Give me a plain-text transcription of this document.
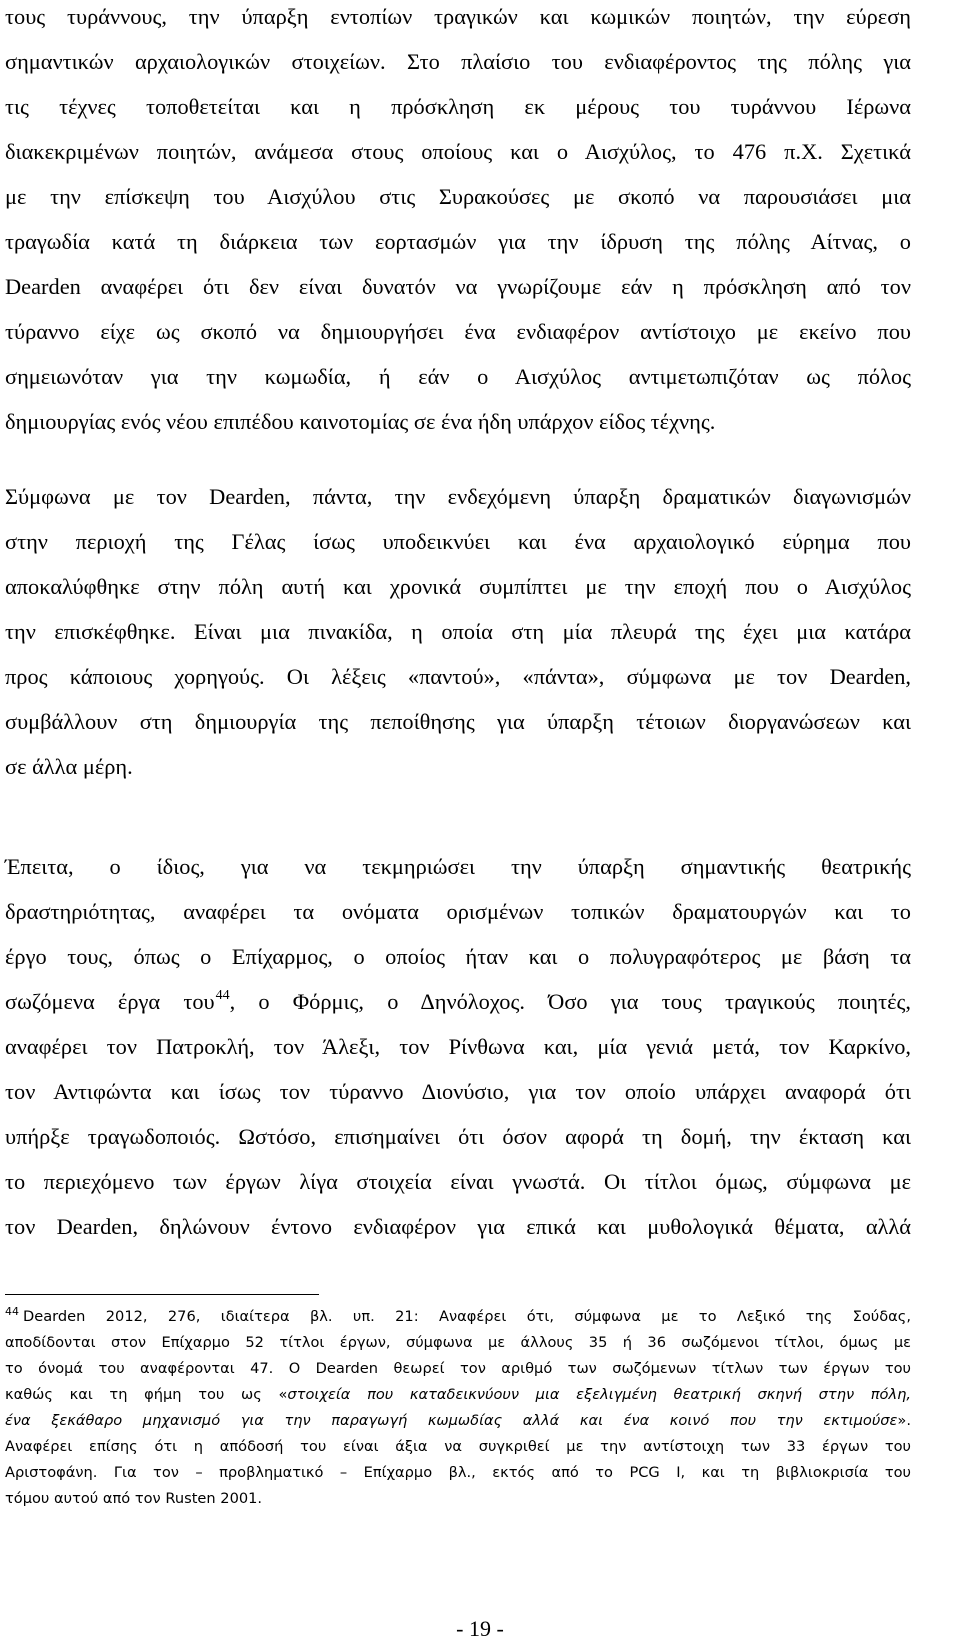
τους τυράννους, την ύπαρξη εντοπίων τραγικών και κωμικών ποιητών, την εύρεση
σημαντικών αρχαιολογικών στοιχείων. Στο πλαίσιο του ενδιαφέροντος της πόλης για
τις τέχνες τοποθετείται και η πρόσκληση εκ μέρους του τυράννου Ιέρωνα
διακεκριμένων ποιητών, ανάμεσα στους οποίους και ο Αισχύλος, το 476 π.Χ. Σχετικά
με την επίσκεψη του Αισχύλου στις Συρακούσες με σκοπό να παρουσιάσει μια
τραγωδία κατά τη διάρκεια των εορτασμών για την ίδρυση της πόλης Αίτνας, ο
Dearden αναφέρει ότι δεν είναι δυνατόν να γνωρίζουμε εάν η πρόσκληση από τον
τύραννο είχε ως σκοπό να δημιουργήσει ένα ενδιαφέρον αντίστοιχο με εκείνο που
σημειωνόταν για την κωμωδία, ή εάν ο Αισχύλος αντιμετωπιζόταν ως πόλος
δημιουργίας ενός νέου επιπέδου καινοτομίας σε ένα ήδη υπάρχον είδος τέχνης.
Σύμφωνα με τον Dearden, πάντα, την ενδεχόμενη ύπαρξη δραματικών διαγωνισμών
στην περιοχή της Γέλας ίσως υποδεικνύει και ένα αρχαιολογικό εύρημα που
αποκαλύφθηκε στην πόλη αυτή και χρονικά συμπίπτει με την εποχή που ο Αισχύλος
την επισκέφθηκε. Είναι μια πινακίδα, η οποία στη μία πλευρά της έχει μια κατάρα
προς κάποιους χορηγούς. Οι λέξεις «παντού», «πάντα», σύμφωνα με τον Dearden,
συμβάλλουν στη δημιουργία της πεποίθησης για ύπαρξη τέτοιων διοργανώσεων και
σε άλλα μέρη.
Έπειτα, ο ίδιος, για να τεκμηριώσει την ύπαρξη σημαντικής θεατρικής
δραστηριότητας, αναφέρει τα ονόματα ορισμένων τοπικών δραματουργών και το
έργο τους, όπως ο Επίχαρμος, ο οποίος ήταν και ο πολυγραφότερος με βάση τα
σωζόμενα έργα του$^{44}$, ο Φόρμις, ο Δηνόλοχος. Όσο για τους τραγικούς ποιητές,
αναφέρει τον Πατροκλή, τον Άλεξι, τον Ρίνθωνα και, μία γενιά μετά, τον Καρκίνο,
τον Αντιφώντα και ίσως τον τύραννο Διονύσιο, για τον οποίο υπάρχει αναφορά ότι
υπήρξε τραγωδοποιός. Ωστόσο, επισημαίνει ότι όσον αφορά τη δομή, την έκταση και
το περιεχόμενο των έργων λίγα στοιχεία είναι γνωστά. Οι τίτλοι όμως, σύμφωνα με
τον Dearden, δηλώνουν έντονο ενδιαφέρον για επικά και μυθολογικά θέματα, αλλά
$^{44}$ Dearden 2012, 276, ιδιαίτερα βλ. υπ. 21: Αναφέρει ότι, σύμφωνα με το Λεξικό της Σούδας,
αποδίδονται στον Επίχαρμο 52 τίτλοι έργων, σύμφωνα με άλλους 35 ή 36 σωζόμενοι τίτλοι, όμως με
το όνομά του αναφέρονται 47. Ο Dearden θεωρεί τον αριθμό των σωζόμενων τίτλων των έργων του
καθώς και τη φήμη του ως «στοιχεία που καταδεικνύουν μια εξελιγμένη θεατρική σκηνή στην πόλη,
ένα ξεκάθαρο μηχανισμό για την παραγωγή κωμωδίας αλλά και ένα κοινό που την εκτιμούσε».
Αναφέρει επίσης ότι η απόδοσή του είναι άξια να συγκριθεί με την αντίστοιχη των 33 έργων του
Αριστοφάνη. Για τον – προβληματικό – Επίχαρμο βλ., εκτός από το PCG I, και τη βιβλιοκρισία του
τόμου αυτού από τον Rusten 2001.
- 19 -
